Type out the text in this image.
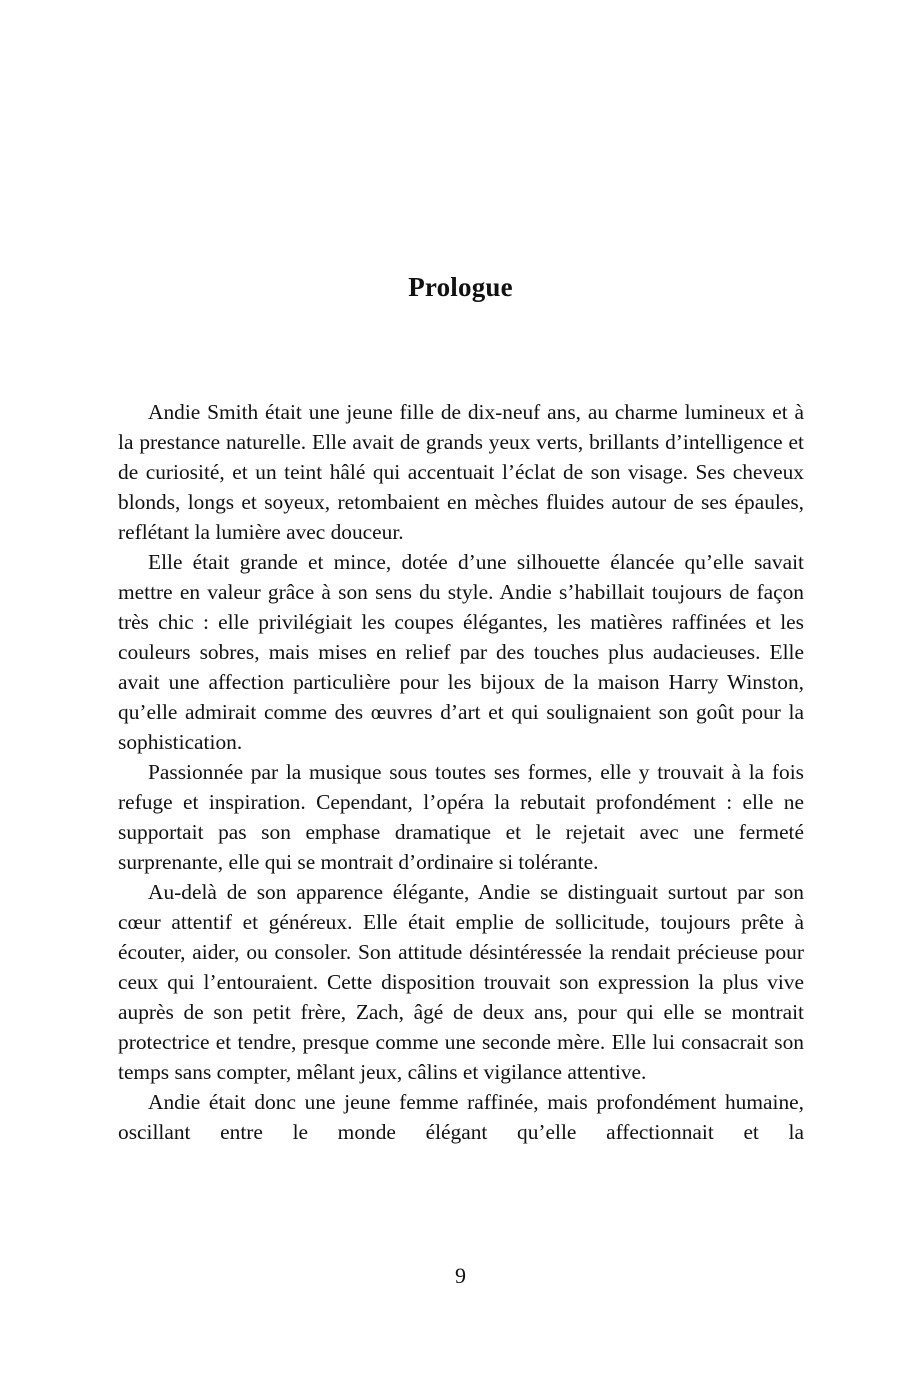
Prologue

Andie Smith était une jeune fille de dix-neuf ans, au charme lumineux et à la prestance naturelle. Elle avait de grands yeux verts, brillants d’intelligence et de curiosité, et un teint hâlé qui accentuait l’éclat de son visage. Ses cheveux blonds, longs et soyeux, retombaient en mèches fluides autour de ses épaules, reflétant la lumière avec douceur.

Elle était grande et mince, dotée d’une silhouette élancée qu’elle savait mettre en valeur grâce à son sens du style. Andie s’habillait toujours de façon très chic : elle privilégiait les coupes élégantes, les matières raffinées et les couleurs sobres, mais mises en relief par des touches plus audacieuses. Elle avait une affection particulière pour les bijoux de la maison Harry Winston, qu’elle admirait comme des œuvres d’art et qui soulignaient son goût pour la sophistication.

Passionnée par la musique sous toutes ses formes, elle y trouvait à la fois refuge et inspiration. Cependant, l’opéra la rebutait profondément : elle ne supportait pas son emphase dramatique et le rejetait avec une fermeté surprenante, elle qui se montrait d’ordinaire si tolérante.

Au-delà de son apparence élégante, Andie se distinguait surtout par son cœur attentif et généreux. Elle était emplie de sollicitude, toujours prête à écouter, aider, ou consoler. Son attitude désintéressée la rendait précieuse pour ceux qui l’entouraient. Cette disposition trouvait son expression la plus vive auprès de son petit frère, Zach, âgé de deux ans, pour qui elle se montrait protectrice et tendre, presque comme une seconde mère. Elle lui consacrait son temps sans compter, mêlant jeux, câlins et vigilance attentive.

Andie était donc une jeune femme raffinée, mais profondément humaine, oscillant entre le monde élégant qu’elle affectionnait et la

9
